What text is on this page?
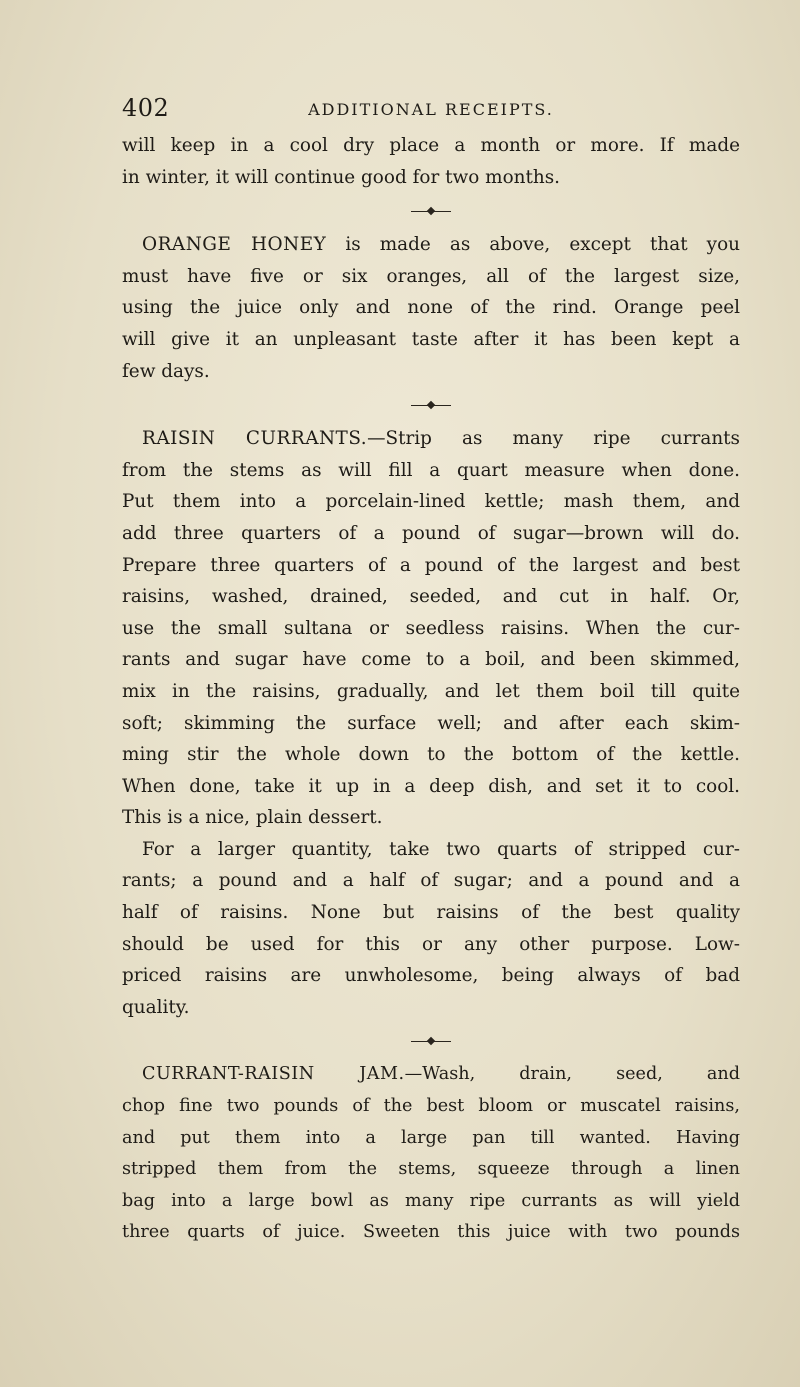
402	ADDITIONAL RECEIPTS.

will keep in a cool dry place a month or more. If made
in winter, it will continue good for two months.

ORANGE HONEY is made as above, except that you
must have five or six oranges, all of the largest size,
using the juice only and none of the rind. Orange peel
will give it an unpleasant taste after it has been kept a
few days.

RAISIN CURRANTS.—Strip as many ripe currants
from the stems as will fill a quart measure when done.
Put them into a porcelain-lined kettle; mash them, and
add three quarters of a pound of sugar—brown will do.
Prepare three quarters of a pound of the largest and best
raisins, washed, drained, seeded, and cut in half. Or,
use the small sultana or seedless raisins. When the cur-
rants and sugar have come to a boil, and been skimmed,
mix in the raisins, gradually, and let them boil till quite
soft; skimming the surface well; and after each skim-
ming stir the whole down to the bottom of the kettle.
When done, take it up in a deep dish, and set it to cool.
This is a nice, plain dessert.

For a larger quantity, take two quarts of stripped cur-
rants; a pound and a half of sugar; and a pound and a
half of raisins. None but raisins of the best quality
should be used for this or any other purpose. Low-
priced raisins are unwholesome, being always of bad
quality.

CURRANT-RAISIN JAM.—Wash, drain, seed, and
chop fine two pounds of the best bloom or muscatel raisins,
and put them into a large pan till wanted. Having
stripped them from the stems, squeeze through a linen
bag into a large bowl as many ripe currants as will yield
three quarts of juice. Sweeten this juice with two pounds
